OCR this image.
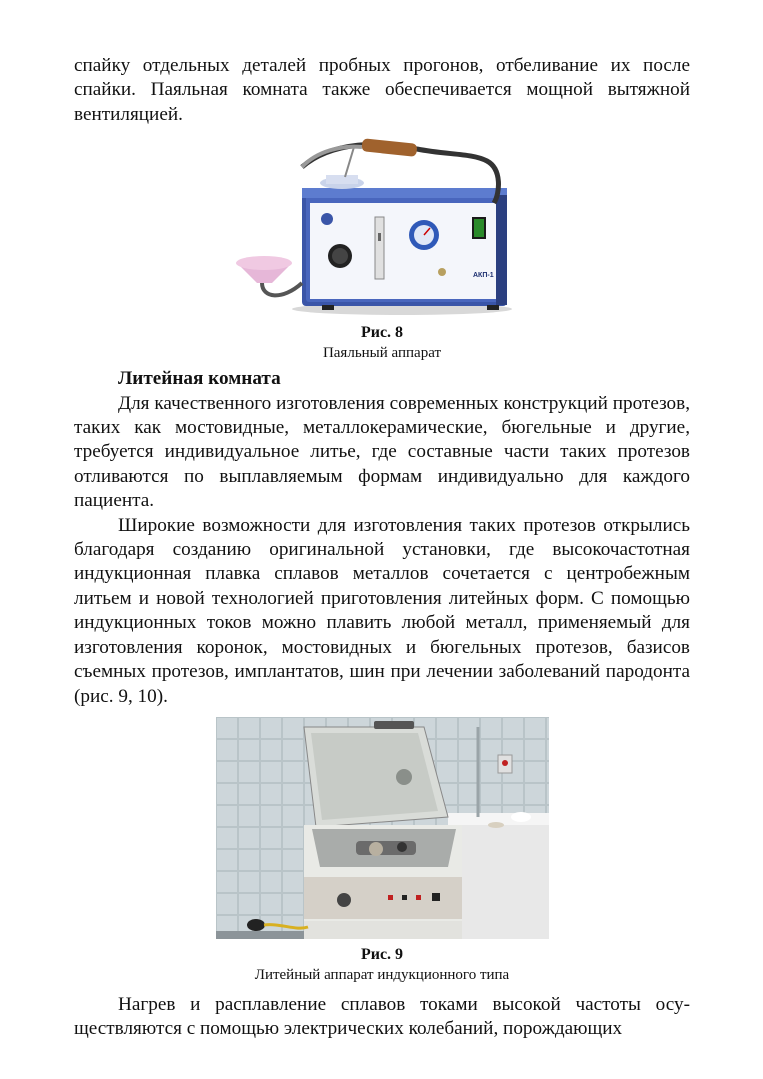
спайку отдельных деталей пробных прогонов, отбеливание их после спайки. Паяльная комната также обеспечивается мощной вытяжной вентиляцией.

АКП-1
Рис. 8
Паяльный аппарат
Литейная комната

Для качественного изготовления современных конструкций протезов, таких как мостовидные, металлокерамические, бюгельные и другие, требуется индивидуальное литье, где составные части таких протезов отливаются по выплавляемым формам индивидуально для каждого пациента.

Широкие возможности для изготовления таких протезов открылись благодаря созданию оригинальной установки, где высокочастотная индукционная плавка сплавов металлов сочетается с центробежным литьем и новой технологией приготовления литейных форм. С помощью индукционных токов можно плавить любой металл, применяемый для изготовления коронок, мостовидных и бюгельных протезов, базисов съемных протезов, имплантатов, шин при лечении заболеваний пародонта (рис. 9, 10).

Рис. 9
Литейный аппарат индукционного типа

Нагрев и расплавление сплавов токами высокой частоты осуществляются с помощью электрических колебаний, порождающих
